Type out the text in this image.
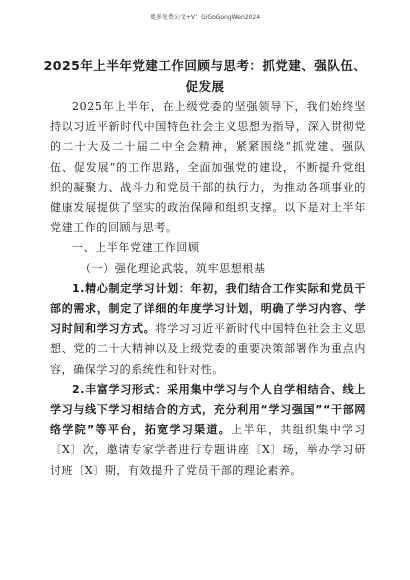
更多免费公文+V：GiGoGongWen2024
2025年上半年党建工作回顾与思考：抓党建、强队伍、促发展

2025年上半年，在上级党委的坚强领导下，我们始终坚持以习近平新时代中国特色社会主义思想为指导，深入贯彻党的二十大及二十届二中全会精神，紧紧围绕“抓党建、强队伍、促发展”的工作思路，全面加强党的建设，不断提升党组织的凝聚力、战斗力和党员干部的执行力，为推动各项事业的健康发展提供了坚实的政治保障和组织支撑。以下是对上半年党建工作的回顾与思考。

一、上半年党建工作回顾

（一）强化理论武装，筑牢思想根基

1.精心制定学习计划：年初，我们结合工作实际和党员干部的需求，制定了详细的年度学习计划，明确了学习内容、学习时间和学习方式。将学习习近平新时代中国特色社会主义思想、党的二十大精神以及上级党委的重要决策部署作为重点内容，确保学习的系统性和针对性。

2.丰富学习形式：采用集中学习与个人自学相结合、线上学习与线下学习相结合的方式，充分利用“学习强国”“干部网络学院”等平台，拓宽学习渠道。上半年，共组织集中学习〔X〕次，邀请专家学者进行专题讲座〔X〕场，举办学习研讨班〔X〕期，有效提升了党员干部的理论素养。
